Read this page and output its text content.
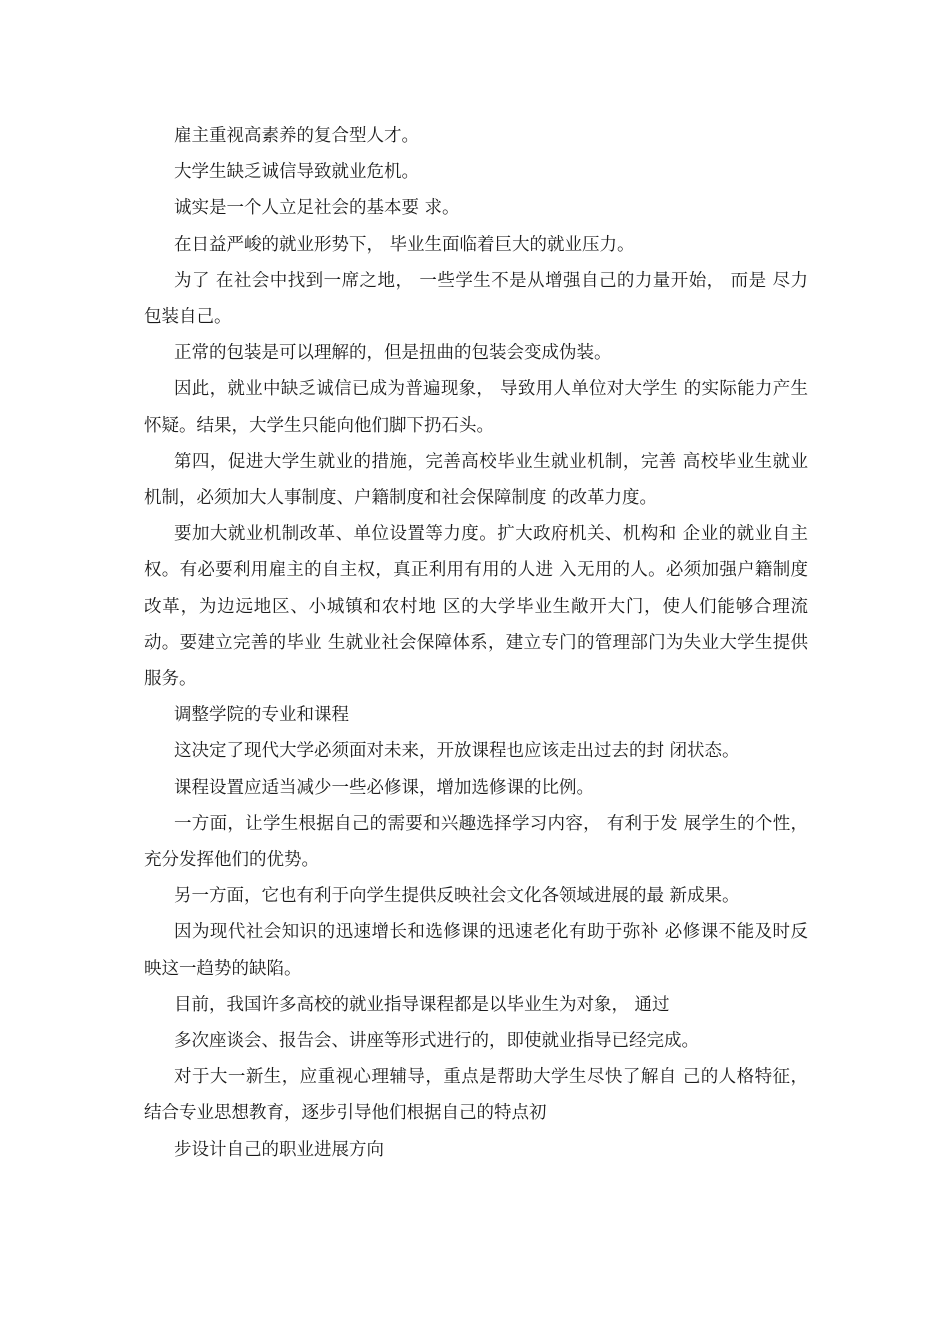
雇主重视高素养的复合型人才。

大学生缺乏诚信导致就业危机。

诚实是一个人立足社会的基本要 求。

在日益严峻的就业形势下， 毕业生面临着巨大的就业压力。

为了 在社会中找到一席之地， 一些学生不是从增强自己的力量开始， 而是 尽力包装自己。

正常的包装是可以理解的，但是扭曲的包装会变成伪装。

因此，就业中缺乏诚信已成为普遍现象， 导致用人单位对大学生 的实际能力产生怀疑。结果，大学生只能向他们脚下扔石头。

第四，促进大学生就业的措施，完善高校毕业生就业机制，完善 高校毕业生就业机制，必须加大人事制度、户籍制度和社会保障制度 的改革力度。

要加大就业机制改革、单位设置等力度。扩大政府机关、机构和 企业的就业自主权。有必要利用雇主的自主权，真正利用有用的人进 入无用的人。必须加强户籍制度改革，为边远地区、小城镇和农村地 区的大学毕业生敞开大门，使人们能够合理流动。要建立完善的毕业 生就业社会保障体系，建立专门的管理部门为失业大学生提供服务。

调整学院的专业和课程

这决定了现代大学必须面对未来，开放课程也应该走出过去的封 闭状态。

课程设置应适当减少一些必修课，增加选修课的比例。

一方面，让学生根据自己的需要和兴趣选择学习内容， 有利于发 展学生的个性，充分发挥他们的优势。

另一方面，它也有利于向学生提供反映社会文化各领域进展的最 新成果。

因为现代社会知识的迅速增长和选修课的迅速老化有助于弥补 必修课不能及时反映这一趋势的缺陷。

目前，我国许多高校的就业指导课程都是以毕业生为对象， 通过

多次座谈会、报告会、讲座等形式进行的，即使就业指导已经完成。

对于大一新生，应重视心理辅导，重点是帮助大学生尽快了解自 己的人格特征，结合专业思想教育，逐步引导他们根据自己的特点初

步设计自己的职业进展方向
